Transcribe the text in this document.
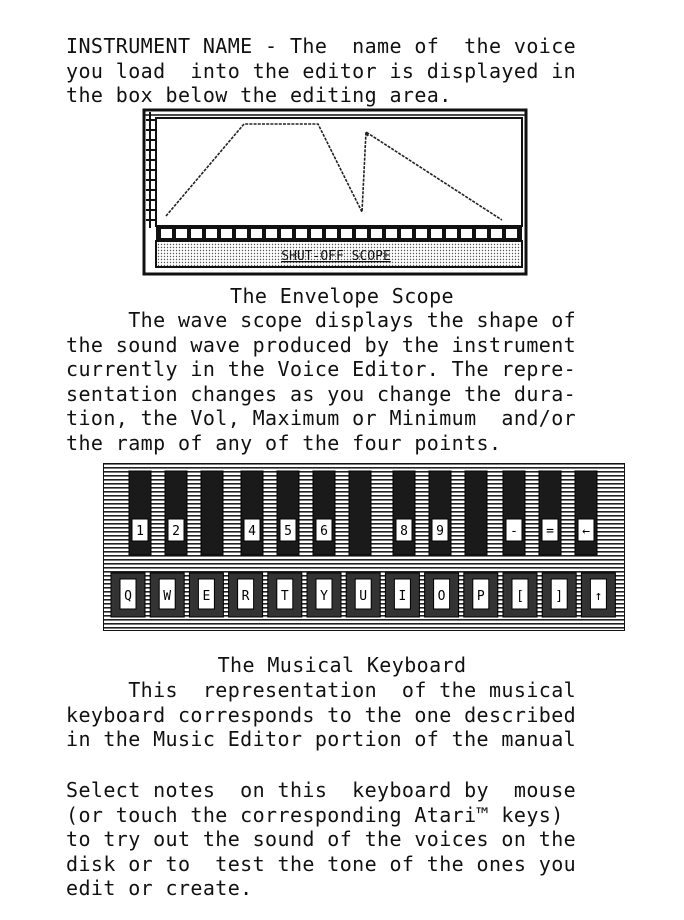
INSTRUMENT NAME - The  name of  the voice
you load  into the editor is displayed in
the box below the editing area.

SHUT-OFF SCOPE

The Envelope Scope

The wave scope displays the shape of
the sound wave produced by the instrument
currently in the Voice Editor. The repre-
sentation changes as you change the dura-
tion, the Vol, Maximum or Minimum  and/or
the ramp of any of the four points.

1 2	4 5 6	8 9	- = ←
Q W E R T Y U I O P [ ] ↑

The Musical Keyboard

This  representation  of the musical
keyboard corresponds to the one described
in the Music Editor portion of the manual

Select notes  on this  keyboard by  mouse
(or touch the corresponding Atari™ keys)
to try out the sound of the voices on the
disk or to  test the tone of the ones you
edit or create.
